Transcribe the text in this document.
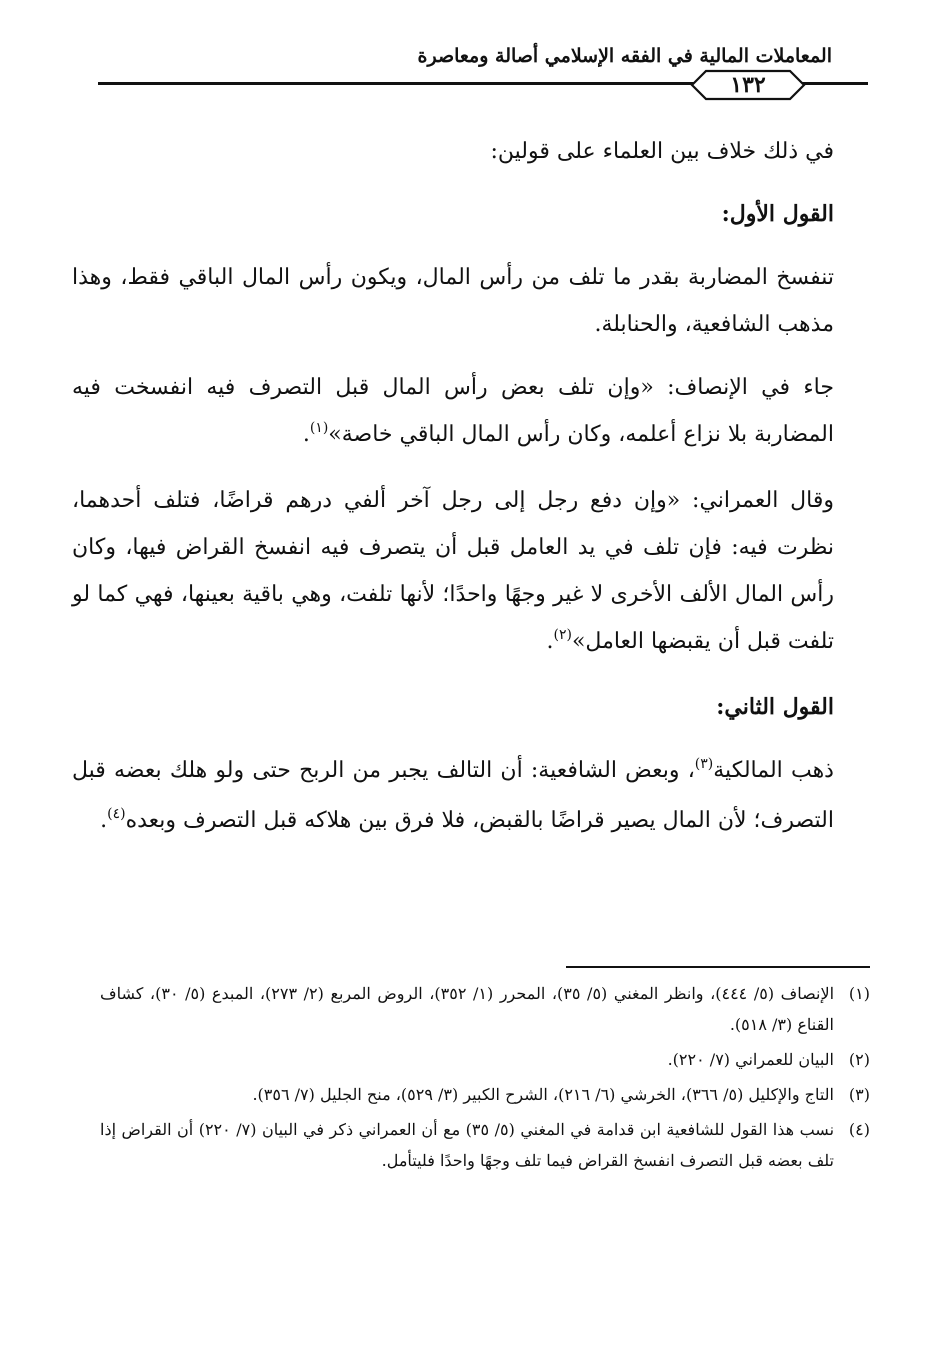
المعاملات المالية في الفقه الإسلامي أصالة ومعاصرة
١٣٢

في ذلك خلاف بين العلماء على قولين:

القول الأول:

تنفسخ المضاربة بقدر ما تلف من رأس المال، ويكون رأس المال الباقي فقط، وهذا مذهب الشافعية، والحنابلة.

جاء في الإنصاف: «وإن تلف بعض رأس المال قبل التصرف فيه انفسخت فيه المضاربة بلا نزاع أعلمه، وكان رأس المال الباقي خاصة»$^{(١)}$.

وقال العمراني: «وإن دفع رجل إلى رجل آخر ألفي درهم قراضًا، فتلف أحدهما، نظرت فيه: فإن تلف في يد العامل قبل أن يتصرف فيه انفسخ القراض فيها، وكان رأس المال الألف الأخرى لا غير وجهًا واحدًا؛ لأنها تلفت، وهي باقية بعينها، فهي كما لو تلفت قبل أن يقبضها العامل»$^{(٢)}$.

القول الثاني:

ذهب المالكية$^{(٣)}$، وبعض الشافعية: أن التالف يجبر من الربح حتى ولو هلك بعضه قبل التصرف؛ لأن المال يصير قراضًا بالقبض، فلا فرق بين هلاكه قبل التصرف وبعده$^{(٤)}$.

(١)
الإنصاف (٥/ ٤٤٤)، وانظر المغني (٥/ ٣٥)، المحرر (١/ ٣٥٢)، الروض المربع (٢/ ٢٧٣)، المبدع (٥/ ٣٠)، كشاف القناع (٣/ ٥١٨).
(٢)
البيان للعمراني (٧/ ٢٢٠).
(٣)
التاج والإكليل (٥/ ٣٦٦)، الخرشي (٦/ ٢١٦)، الشرح الكبير (٣/ ٥٢٩)، منح الجليل (٧/ ٣٥٦).
(٤)
نسب هذا القول للشافعية ابن قدامة في المغني (٥/ ٣٥) مع أن العمراني ذكر في البيان (٧/ ٢٢٠) أن القراض إذا تلف بعضه قبل التصرف انفسخ القراض فيما تلف وجهًا واحدًا فليتأمل.
